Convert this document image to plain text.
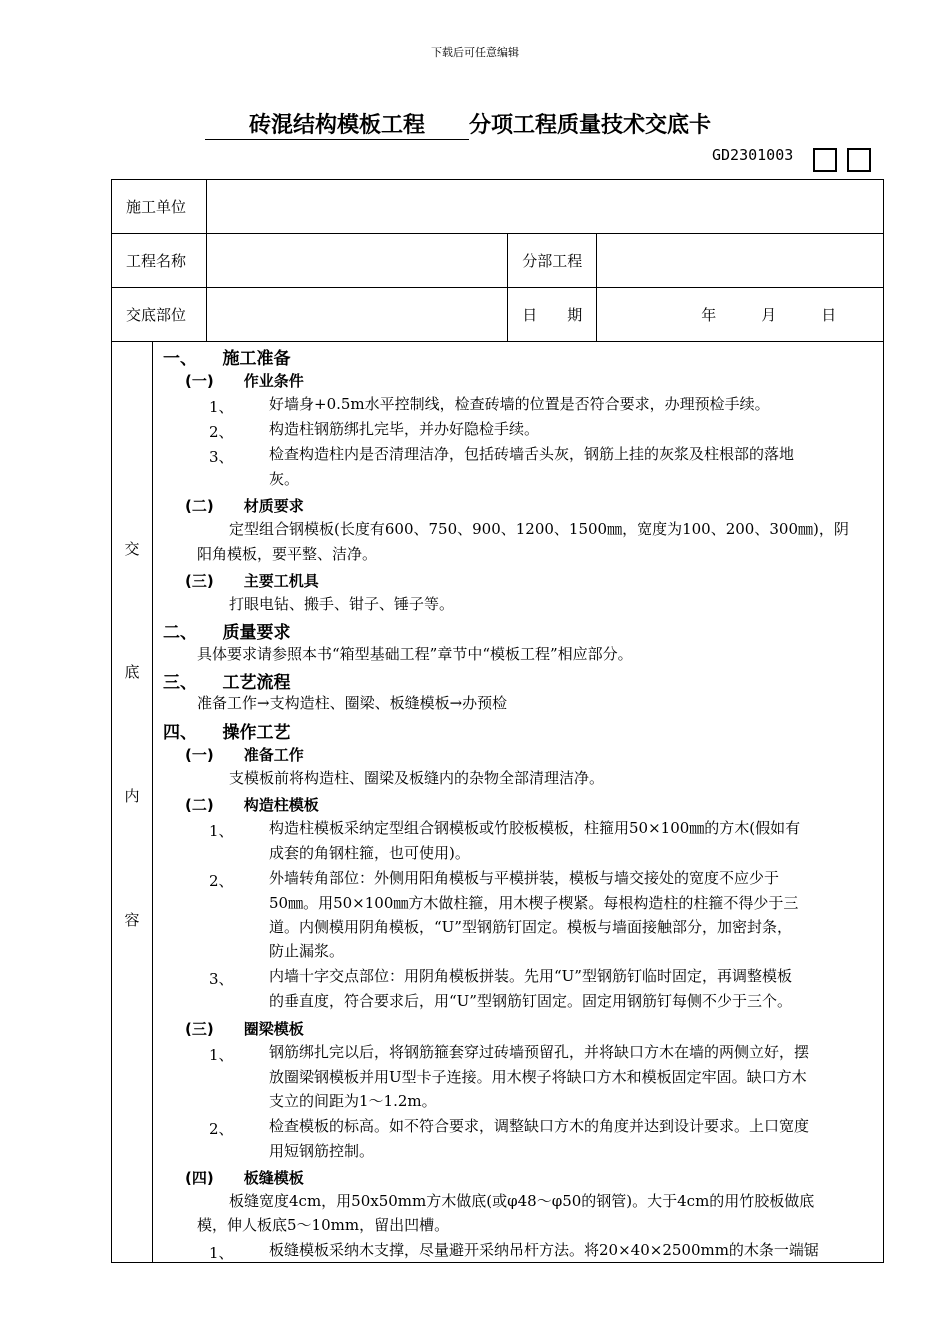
下载后可任意编辑
  砖混结构模板工程   分项工程质量技术交底卡
GD2301003
施工单位			
工程名称		分部工程	
交底部位		日　　期	年　　　月　　　日
交
底
内
容
一、　　施工准备
(一)　　作业条件
1、 好墙身+0.5m水平控制线，检查砖墙的位置是否符合要求，办理预检手续。
2、 构造柱钢筋绑扎完毕，并办好隐检手续。
3、 检查构造柱内是否清理洁净，包括砖墙舌头灰，钢筋上挂的灰浆及柱根部的落地
灰。
(二)　　材质要求
定型组合钢模板(长度有600、750、900、1200、1500㎜，宽度为100、200、300㎜)，阴
阳角模板，要平整、洁净。
(三)　　主要工机具
打眼电钻、搬手、钳子、锤子等。
二、　　质量要求
具体要求请参照本书“箱型基础工程”章节中“模板工程”相应部分。
三、　　工艺流程
准备工作→支构造柱、圈梁、板缝模板→办预检
四、　　操作工艺
(一)　　准备工作
支模板前将构造柱、圈梁及板缝内的杂物全部清理洁净。
(二)　　构造柱模板
1、 构造柱模板采纳定型组合钢模板或竹胶板模板，柱箍用50×100㎜的方木(假如有
成套的角钢柱箍，也可使用)。
2、 外墙转角部位：外侧用阳角模板与平模拼装，模板与墙交接处的宽度不应少于
50㎜。用50×100㎜方木做柱箍，用木楔子楔紧。每根构造柱的柱箍不得少于三
道。内侧模用阴角模板，“U”型钢筋钉固定。模板与墙面接触部分，加密封条，
防止漏浆。
3、 内墙十字交点部位：用阴角模板拼装。先用“U”型钢筋钉临时固定，再调整模板
的垂直度，符合要求后，用“U”型钢筋钉固定。固定用钢筋钉每侧不少于三个。
(三)　　圈梁模板
1、 钢筋绑扎完以后，将钢筋箍套穿过砖墙预留孔，并将缺口方木在墙的两侧立好，摆
放圈梁钢模板并用U型卡子连接。用木楔子将缺口方木和模板固定牢固。缺口方木
支立的间距为1～1.2m。
2、 检查模板的标高。如不符合要求，调整缺口方木的角度并达到设计要求。上口宽度
用短钢筋控制。
(四)　　板缝模板
板缝宽度4cm，用50x50mm方木做底(或φ48～φ50的钢管)。大于4cm的用竹胶板做底
模，伸人板底5～10mm，留出凹槽。
1、 板缝模板采纳木支撑，尽量避开采纳吊杆方法。将20×40×2500mm的木条一端锯
